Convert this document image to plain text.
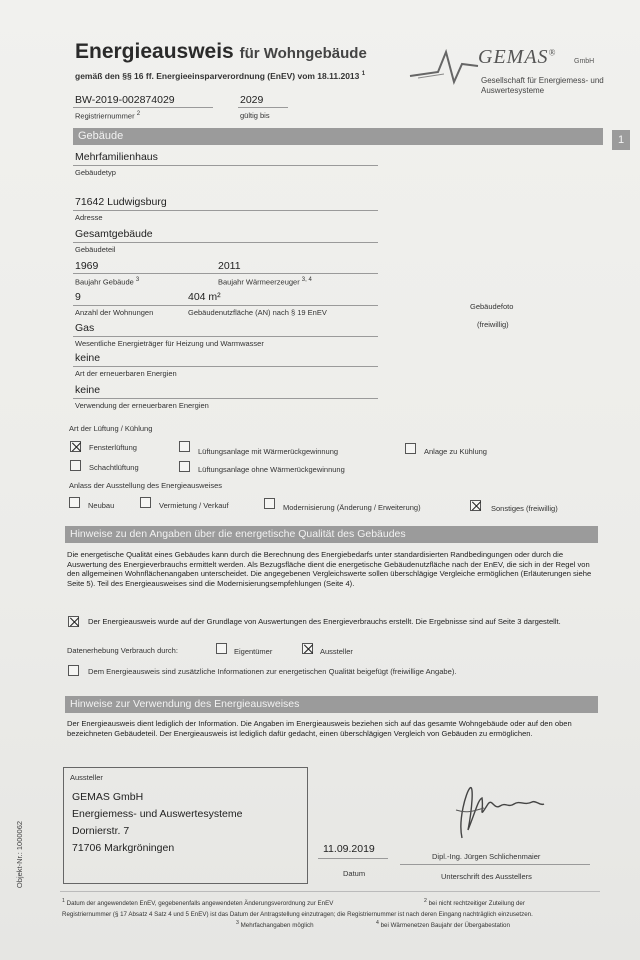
Energieausweis für Wohngebäude
gemäß den §§ 16 ff. Energieeinsparverordnung (EnEV) vom 18.11.2013 $^1$
GEMAS®
GmbH
Gesellschaft für Energiemess- und Auswertesysteme
BW-2019-002874029
Registriernummer $^2$
2029
gültig bis
Gebäude	1
Mehrfamilienhaus
Gebäudetyp
71642 Ludwigsburg
Adresse
Gesamtgebäude
Gebäudeteil
1969	2011
Baujahr Gebäude $^3$	Baujahr Wärmeerzeuger $^{3, 4}$
9	404 m²
Anzahl der Wohnungen	Gebäudenutzfläche (AN) nach § 19 EnEV
Gebäudefoto
(freiwillig)
Gas
Wesentliche Energieträger für Heizung und Warmwasser
keine
Art der erneuerbaren Energien
keine
Verwendung der erneuerbaren Energien
Art der Lüftung / Kühlung
Fensterlüftung	Lüftungsanlage mit Wärmerückgewinnung	Anlage zu Kühlung
Schachtlüftung	Lüftungsanlage ohne Wärmerückgewinnung
Anlass der Ausstellung des Energieausweises
Neubau	Vermietung / Verkauf	Modernisierung (Änderung / Erweiterung)	Sonstiges (freiwillig)
Hinweise zu den Angaben über die energetische Qualität des Gebäudes
Die energetische Qualität eines Gebäudes kann durch die Berechnung des Energiebedarfs unter standardisierten Randbedingungen oder durch die Auswertung des Energieverbrauchs ermittelt werden. Als Bezugsfläche dient die energetische Gebäudenutzfläche nach der EnEV, die sich in der Regel von den allgemeinen Wohnflächenangaben unterscheidet. Die angegebenen Vergleichswerte sollen überschlägige Vergleiche ermöglichen (Erläuterungen siehe Seite 5). Teil des Energieausweises sind die Modernisierungsempfehlungen (Seite 4).
Der Energieausweis wurde auf der Grundlage von Auswertungen des Energieverbrauchs erstellt. Die Ergebnisse sind auf Seite 3 dargestellt.
Datenerhebung Verbrauch durch:	Eigentümer	Aussteller
Dem Energieausweis sind zusätzliche Informationen zur energetischen Qualität beigefügt (freiwillige Angabe).
Hinweise zur Verwendung des Energieausweises
Der Energieausweis dient lediglich der Information. Die Angaben im Energieausweis beziehen sich auf das gesamte Wohngebäude oder auf den oben bezeichneten Gebäudeteil. Der Energieausweis ist lediglich dafür gedacht, einen überschlägigen Vergleich von Gebäuden zu ermöglichen.
Aussteller
GEMAS GmbH
Energiemess- und Auswertesysteme
Dornierstr. 7
71706 Markgröningen	11.09.2019
Datum
Dipl.-Ing. Jürgen Schlichenmaier
Unterschrift des Ausstellers
$^1$ Datum der angewendeten EnEV, gegebenenfalls angewendeten Änderungsverordnung zur EnEV	$^2$ bei nicht rechtzeitiger Zuteilung der Registriernummer (§ 17 Absatz 4 Satz 4 und 5 EnEV) ist das Datum der Antragstellung einzutragen; die Registriernummer ist nach deren Eingang nachträglich einzusetzen.
$^3$ Mehrfachangaben möglich	$^4$ bei Wärmenetzen Baujahr der Übergabestation
Objekt-Nr.: 1000062
